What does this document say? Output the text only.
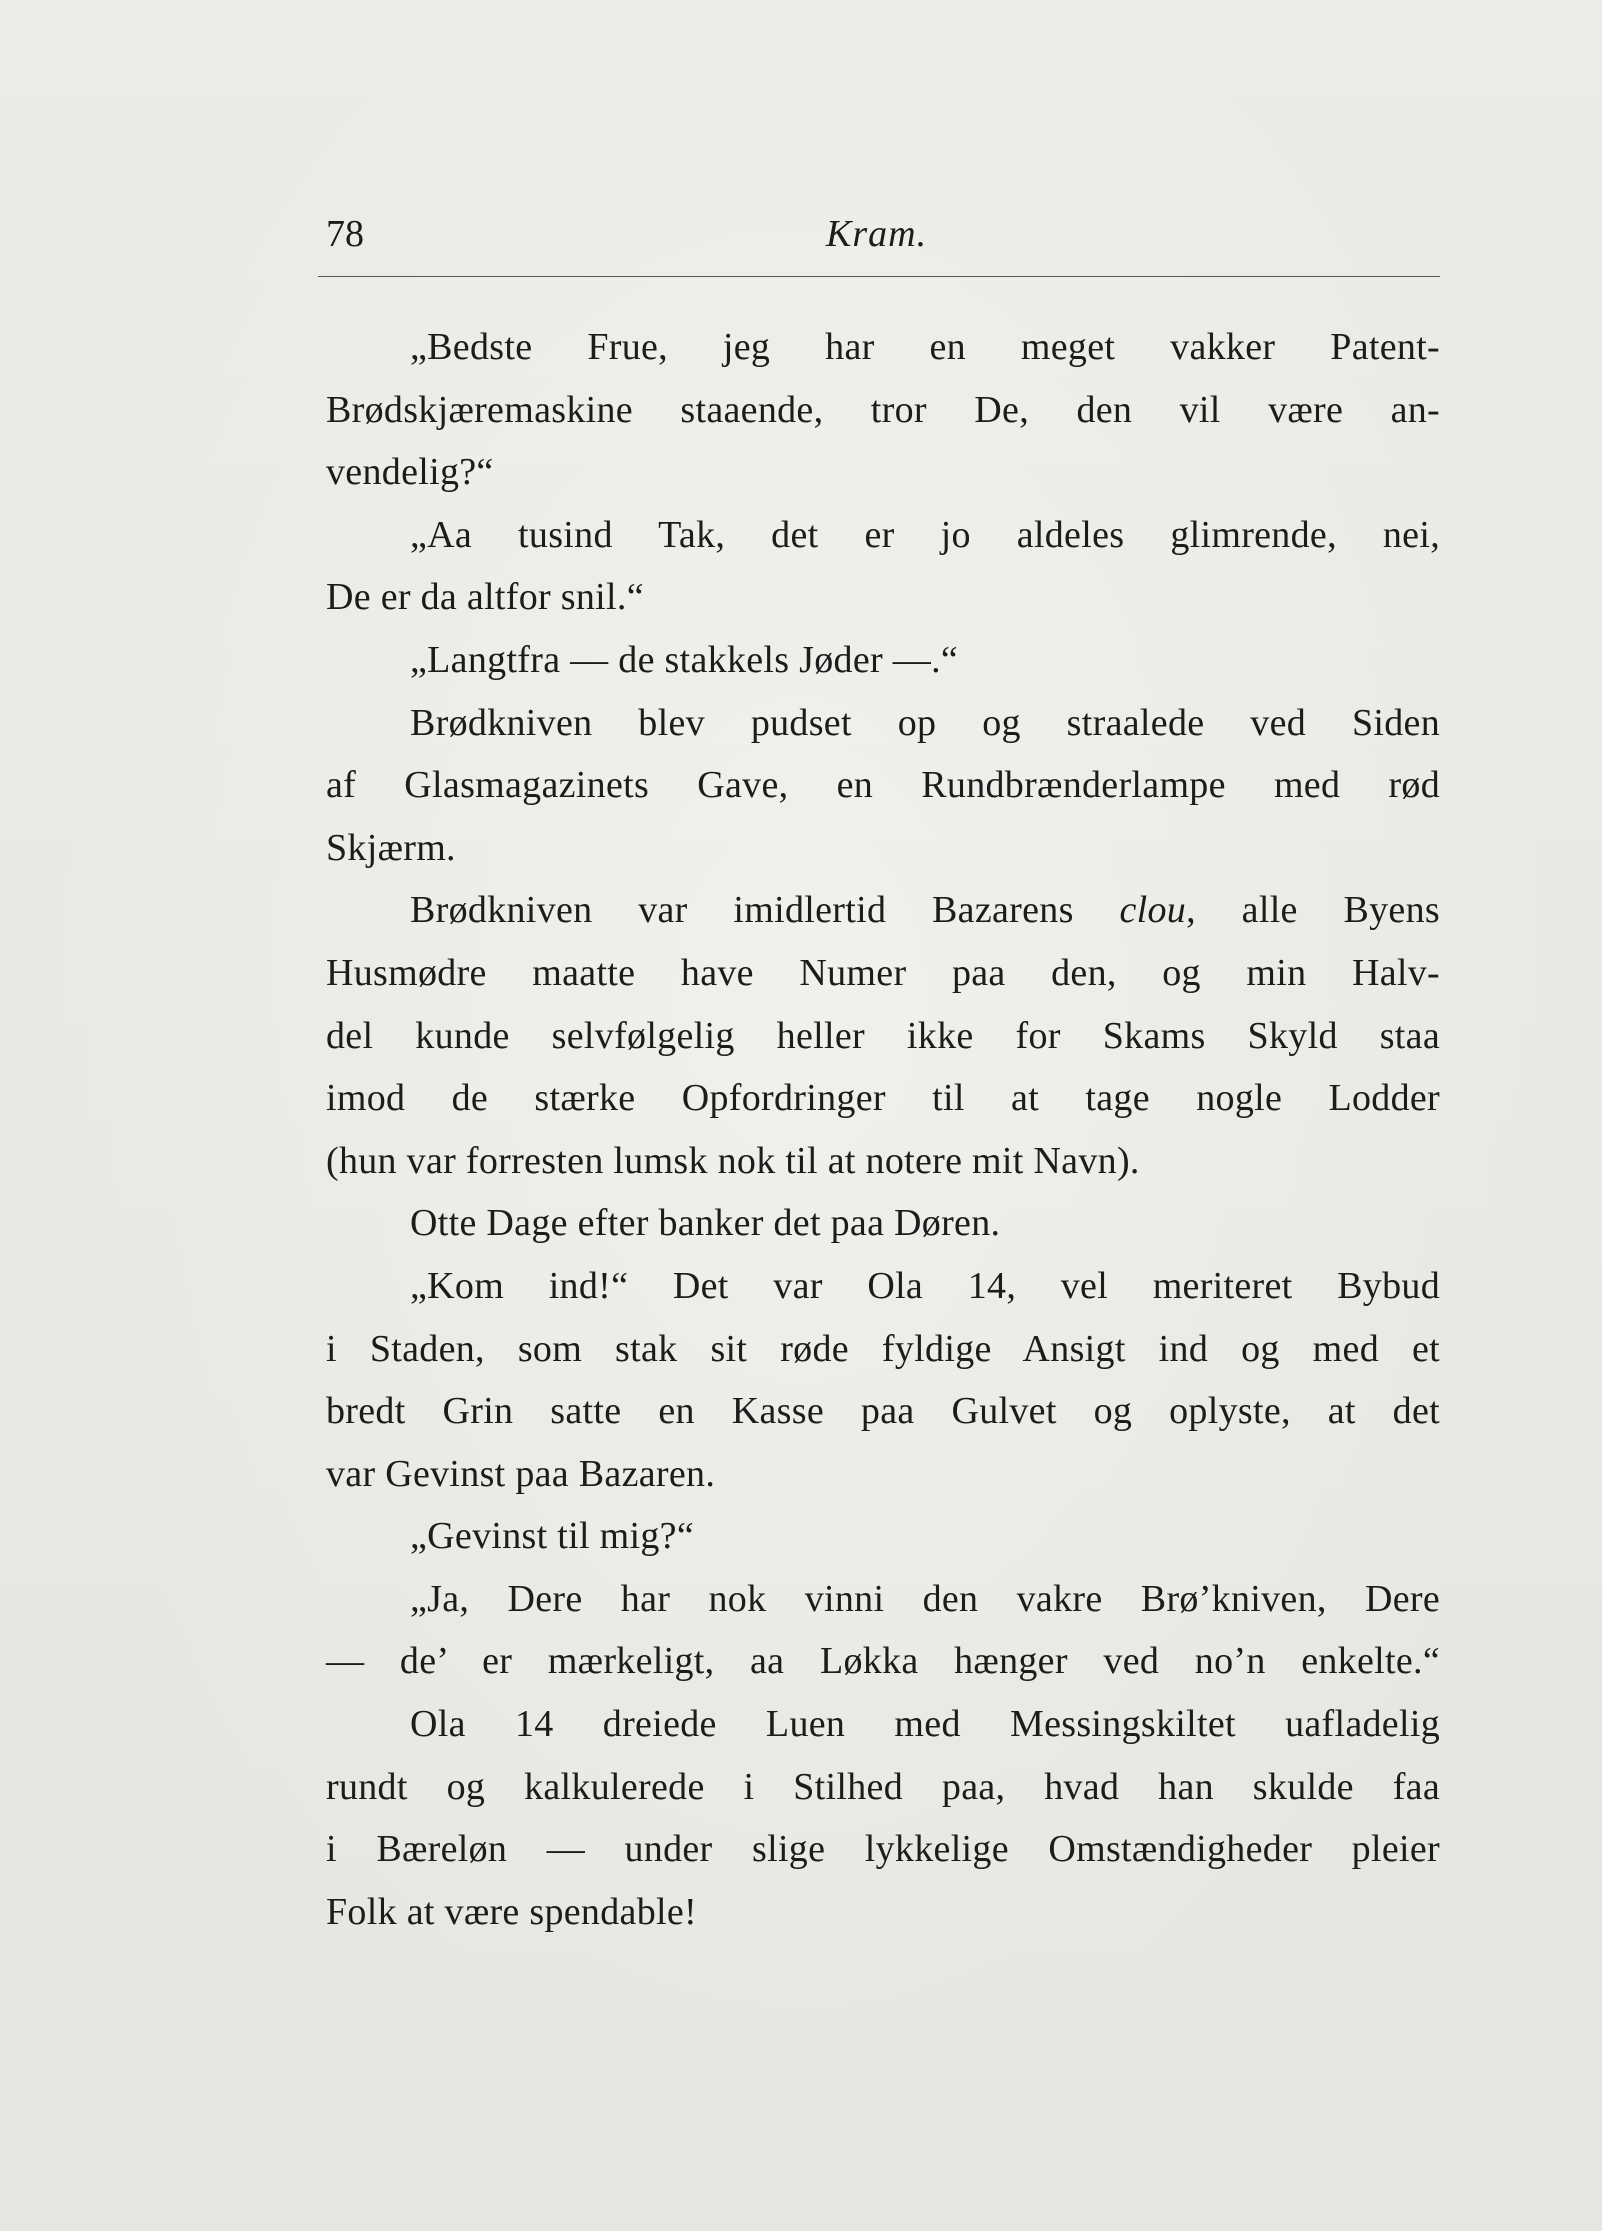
78	Kram.
„Bedste Frue, jeg har en meget vakker Patent-
Brødskjæremaskine staaende, tror De, den vil være an-
vendelig?“
„Aa tusind Tak, det er jo aldeles glimrende, nei,
De er da altfor snil.“
„Langtfra — de stakkels Jøder —.“
Brødkniven blev pudset op og straalede ved Siden
af Glasmagazinets Gave, en Rundbrænderlampe med rød
Skjærm.
Brødkniven var imidlertid Bazarens clou, alle Byens
Husmødre maatte have Numer paa den, og min Halv-
del kunde selvfølgelig heller ikke for Skams Skyld staa
imod de stærke Opfordringer til at tage nogle Lodder
(hun var forresten lumsk nok til at notere mit Navn).
Otte Dage efter banker det paa Døren.
„Kom ind!“ Det var Ola 14, vel meriteret Bybud
i Staden, som stak sit røde fyldige Ansigt ind og med et
bredt Grin satte en Kasse paa Gulvet og oplyste, at det
var Gevinst paa Bazaren.
„Gevinst til mig?“
„Ja, Dere har nok vinni den vakre Brø’kniven, Dere
— de’ er mærkeligt, aa Løkka hænger ved no’n enkelte.“
Ola 14 dreiede Luen med Messingskiltet uafladelig
rundt og kalkulerede i Stilhed paa, hvad han skulde faa
i Bæreløn — under slige lykkelige Omstændigheder pleier
Folk at være spendable!
